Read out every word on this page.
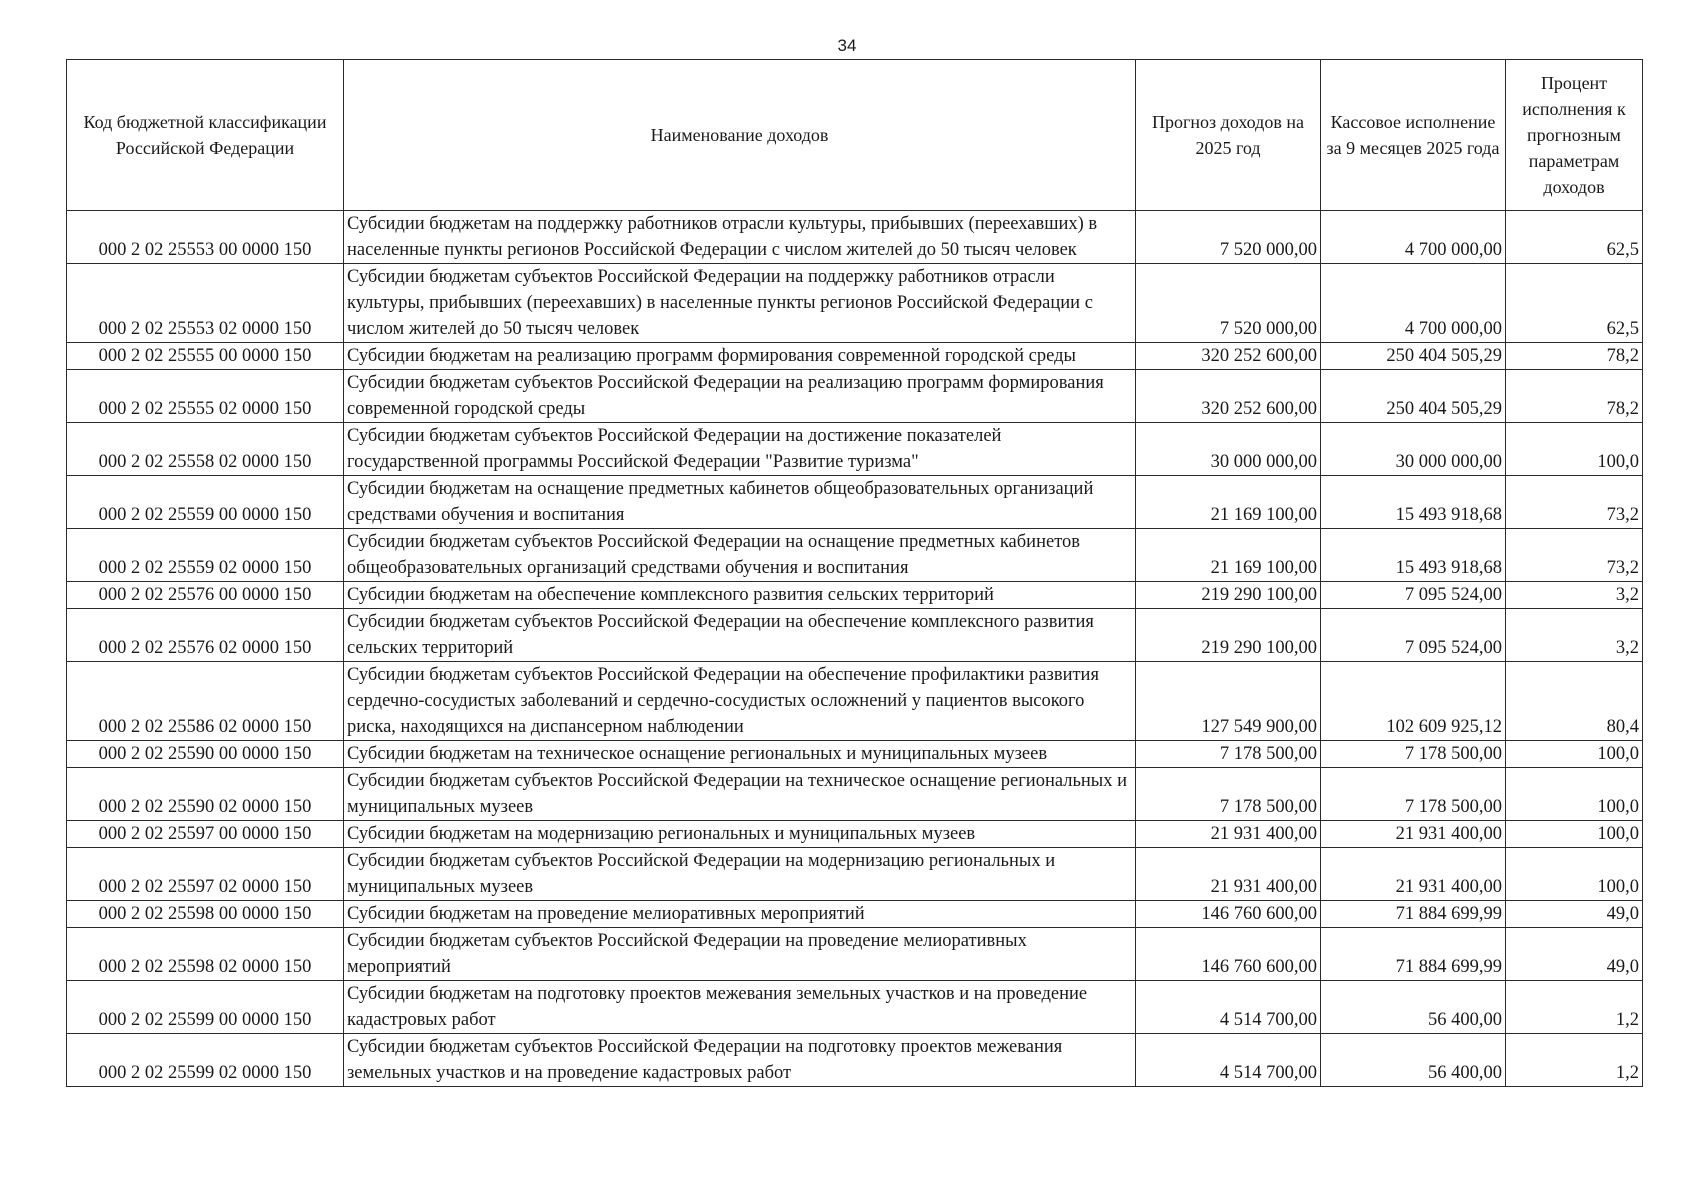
34
Код бюджетной классификации Российской Федерации	Наименование доходов	Прогноз доходов на 2025 год	Кассовое исполнение за 9 месяцев 2025 года	Процент исполнения к прогнозным параметрам доходов
000 2 02 25553 00 0000 150	Субсидии бюджетам на поддержку работников отрасли культуры, прибывших (переехавших) в населенные пункты регионов Российской Федерации с числом жителей до 50 тысяч человек	7 520 000,00	4 700 000,00	62,5
000 2 02 25553 02 0000 150	Субсидии бюджетам субъектов Российской Федерации на поддержку работников отрасли культуры, прибывших (переехавших) в населенные пункты регионов Российской Федерации с числом жителей до 50 тысяч человек	7 520 000,00	4 700 000,00	62,5
000 2 02 25555 00 0000 150	Субсидии бюджетам на реализацию программ формирования современной городской среды	320 252 600,00	250 404 505,29	78,2
000 2 02 25555 02 0000 150	Субсидии бюджетам субъектов Российской Федерации на реализацию программ формирования современной городской среды	320 252 600,00	250 404 505,29	78,2
000 2 02 25558 02 0000 150	Субсидии бюджетам субъектов Российской Федерации на достижение показателей государственной программы Российской Федерации "Развитие туризма"	30 000 000,00	30 000 000,00	100,0
000 2 02 25559 00 0000 150	Субсидии бюджетам на оснащение предметных кабинетов общеобразовательных организаций средствами обучения и воспитания	21 169 100,00	15 493 918,68	73,2
000 2 02 25559 02 0000 150	Субсидии бюджетам субъектов Российской Федерации на оснащение предметных кабинетов общеобразовательных организаций средствами обучения и воспитания	21 169 100,00	15 493 918,68	73,2
000 2 02 25576 00 0000 150	Субсидии бюджетам на обеспечение комплексного развития сельских территорий	219 290 100,00	7 095 524,00	3,2
000 2 02 25576 02 0000 150	Субсидии бюджетам субъектов Российской Федерации на обеспечение комплексного развития сельских территорий	219 290 100,00	7 095 524,00	3,2
000 2 02 25586 02 0000 150	Субсидии бюджетам субъектов Российской Федерации на обеспечение профилактики развития сердечно-сосудистых заболеваний и сердечно-сосудистых осложнений у пациентов высокого риска, находящихся на диспансерном наблюдении	127 549 900,00	102 609 925,12	80,4
000 2 02 25590 00 0000 150	Субсидии бюджетам на техническое оснащение региональных и муниципальных музеев	7 178 500,00	7 178 500,00	100,0
000 2 02 25590 02 0000 150	Субсидии бюджетам субъектов Российской Федерации на техническое оснащение региональных и муниципальных музеев	7 178 500,00	7 178 500,00	100,0
000 2 02 25597 00 0000 150	Субсидии бюджетам на модернизацию региональных и муниципальных музеев	21 931 400,00	21 931 400,00	100,0
000 2 02 25597 02 0000 150	Субсидии бюджетам субъектов Российской Федерации на модернизацию региональных и муниципальных музеев	21 931 400,00	21 931 400,00	100,0
000 2 02 25598 00 0000 150	Субсидии бюджетам на проведение мелиоративных мероприятий	146 760 600,00	71 884 699,99	49,0
000 2 02 25598 02 0000 150	Субсидии бюджетам субъектов Российской Федерации на проведение мелиоративных мероприятий	146 760 600,00	71 884 699,99	49,0
000 2 02 25599 00 0000 150	Субсидии бюджетам на подготовку проектов межевания земельных участков и на проведение кадастровых работ	4 514 700,00	56 400,00	1,2
000 2 02 25599 02 0000 150	Субсидии бюджетам субъектов Российской Федерации на подготовку проектов межевания земельных участков и на проведение кадастровых работ	4 514 700,00	56 400,00	1,2
